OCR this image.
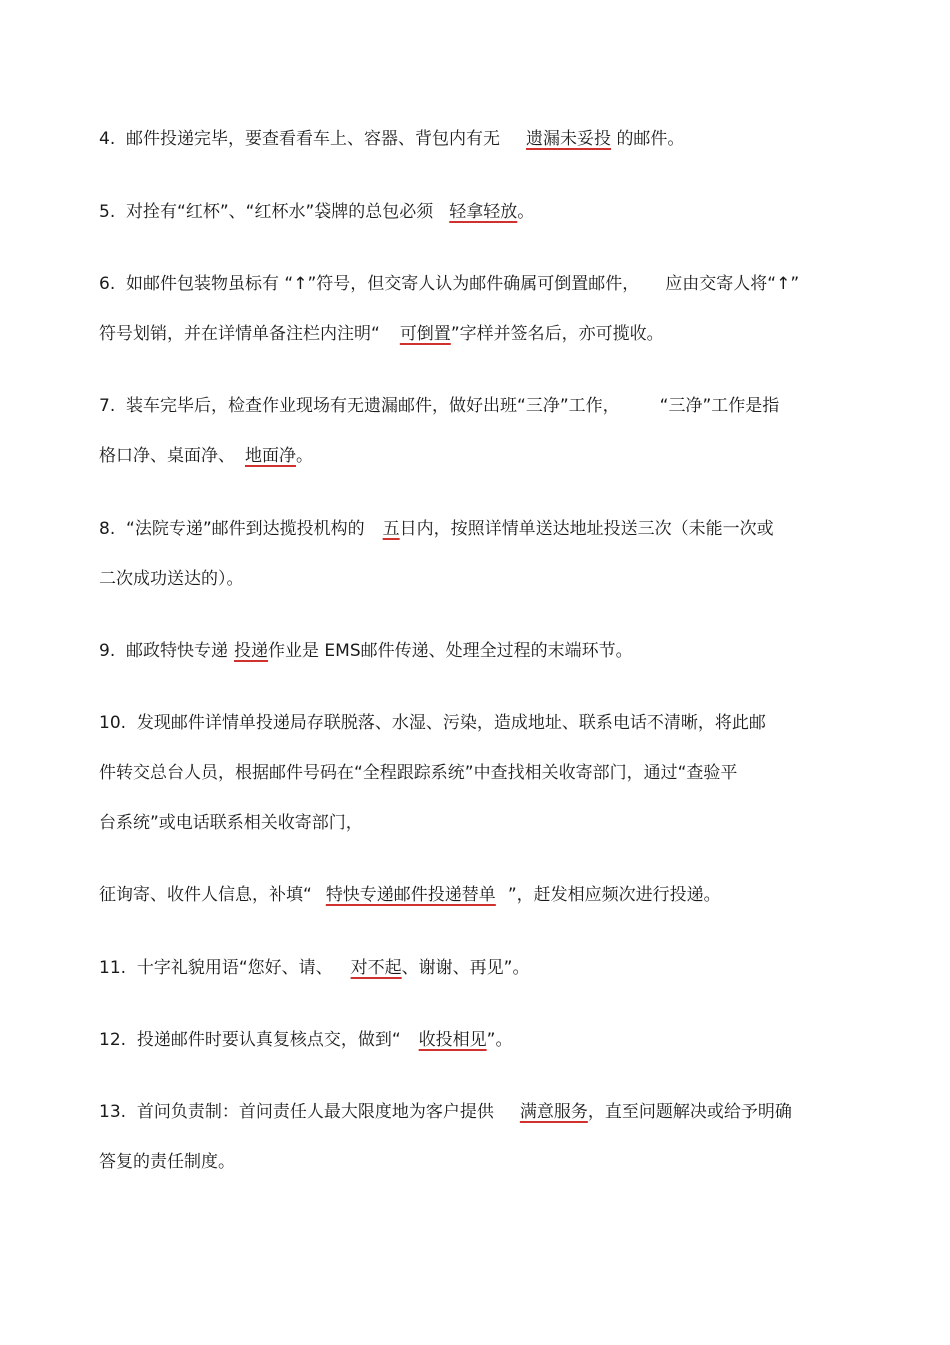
4.  邮件投递完毕，要查看看车上、容器、背包内有无 遗漏未妥投 的邮件。
5.  对拴有“红杯”、“红杯水”袋牌的总包必须 轻拿轻放。
6.  如邮件包装物虽标有 “↑”符号，但交寄人认为邮件确属可倒置邮件， 应由交寄人将“↑”
符号划销，并在详情单备注栏内注明“ 可倒置”字样并签名后，亦可揽收。
7.  装车完毕后，检查作业现场有无遗漏邮件，做好出班“三净”工作， “三净”工作是指
格口净、桌面净、 地面净。
8.  “法院专递”邮件到达揽投机构的 五日内，按照详情单送达地址投送三次（未能一次或
二次成功送达的）。
9.  邮政特快专递 投递作业是 EMS邮件传递、处理全过程的末端环节。
10.  发现邮件详情单投递局存联脱落、水湿、污染，造成地址、联系电话不清晰，将此邮
件转交总台人员，根据邮件号码在“全程跟踪系统”中查找相关收寄部门，通过“查验平
台系统”或电话联系相关收寄部门，
征询寄、收件人信息，补填“ 特快专递邮件投递替单 ”，赶发相应频次进行投递。
11.  十字礼貌用语“您好、请、 对不起、谢谢、再见”。
12.  投递邮件时要认真复核点交，做到“ 收投相见”。
13.  首问负责制：首问责任人最大限度地为客户提供 满意服务，直至问题解决或给予明确
答复的责任制度。
